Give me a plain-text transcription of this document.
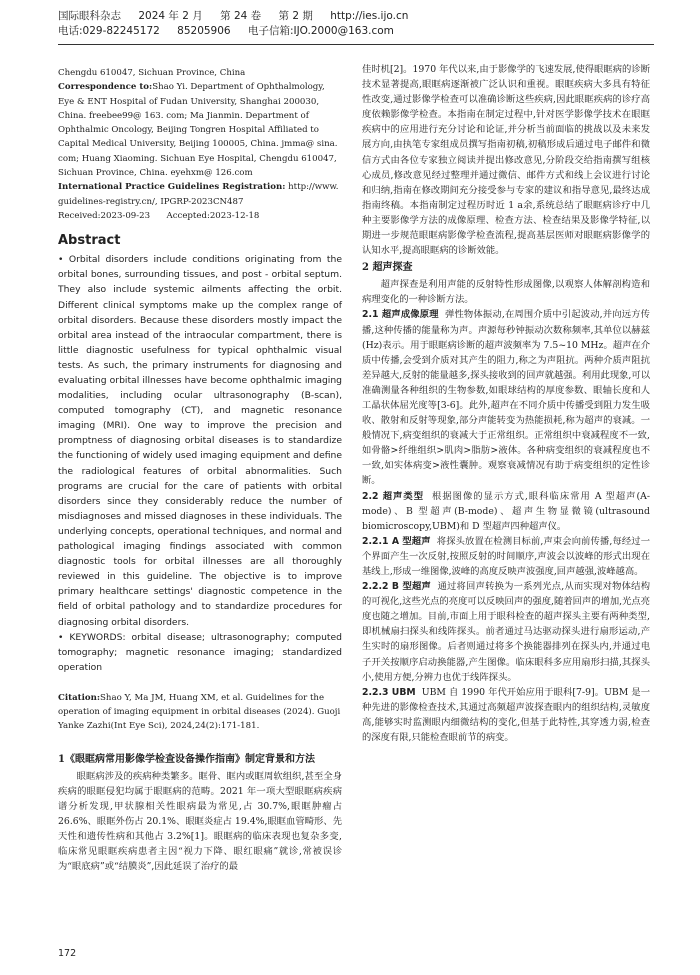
国际眼科杂志 2024 年 2 月 第 24 卷 第 2 期 http://ies.ijo.cn
电话:029-82245172 85205906 电子信箱:IJO.2000@163.com

Chengdu 610047, Sichuan Province, China

Correspondence to:Shao Yi. Department of Ophthalmology, Eye & ENT Hospital of Fudan University, Shanghai 200030, China. freebee99@ 163. com; Ma Jianmin. Department of Ophthalmic Oncology, Beijing Tongren Hospital Affiliated to Capital Medical University, Beijing 100005, China. jmma@ sina. com; Huang Xiaoming. Sichuan Eye Hospital, Chengdu 610047, Sichuan Province, China. eyehxm@ 126.com

International Practice Guidelines Registration: http://www. guidelines-registry.cn/, IPGRP-2023CN487

Received:2023-09-23 Accepted:2023-12-18

Abstract

• Orbital disorders include conditions originating from the orbital bones, surrounding tissues, and post - orbital septum. They also include systemic ailments affecting the orbit. Different clinical symptoms make up the complex range of orbital disorders. Because these disorders mostly impact the orbital area instead of the intraocular compartment, there is little diagnostic usefulness for typical ophthalmic visual tests. As such, the primary instruments for diagnosing and evaluating orbital illnesses have become ophthalmic imaging modalities, including ocular ultrasonography (B-scan), computed tomography (CT), and magnetic resonance imaging (MRI). One way to improve the precision and promptness of diagnosing orbital diseases is to standardize the functioning of widely used imaging equipment and define the radiological features of orbital abnormalities. Such programs are crucial for the care of patients with orbital disorders since they considerably reduce the number of misdiagnoses and missed diagnoses in these individuals. The underlying concepts, operational techniques, and normal and pathological imaging findings associated with common diagnostic tools for orbital illnesses are all thoroughly reviewed in this guideline. The objective is to improve primary healthcare settings' diagnostic competence in the field of orbital pathology and to standardize procedures for diagnosing orbital disorders.

• KEYWORDS: orbital disease; ultrasonography; computed tomography; magnetic resonance imaging; standardized operation

Citation:Shao Y, Ma JM, Huang XM, et al. Guidelines for the operation of imaging equipment in orbital diseases (2024). Guoji Yanke Zazhi(Int Eye Sci), 2024,24(2):171-181.

1《眼眶病常用影像学检查设备操作指南》制定背景和方法

眼眶病涉及的疾病种类繁多。眶骨、眶内或眶周软组织,甚至全身疾病的眼眶侵犯均属于眼眶病的范畴。2021 年一项大型眼眶病疾病谱分析发现,甲状腺相关性眼病最为常见,占 30.7%,眼眶肿瘤占 26.6%、眼眶外伤占 20.1%、眼眶炎症占 19.4%,眼眶血管畸形、先天性和遗传性病和其他占 3.2%[1]。眼眶病的临床表现也复杂多变,临床常见眼眶疾病患者主因“视力下降、眼红眼痛”就诊,常被误诊为“眼底病”或“结膜炎”,因此延误了治疗的最

佳时机[2]。1970 年代以来,由于影像学的飞速发展,使得眼眶病的诊断技术显著提高,眼眶病逐渐被广泛认识和重视。眼眶疾病大多具有特征性改变,通过影像学检查可以准确诊断这些疾病,因此眼眶疾病的诊疗高度依赖影像学检查。本指南在制定过程中,针对医学影像学技术在眼眶疾病中的应用进行充分讨论和论证,并分析当前面临的挑战以及未来发展方向,由执笔专家组成员撰写指南初稿,初稿形成后通过电子邮件和微信方式由各位专家独立阅读并提出修改意见,分阶段交给指南撰写组核心成员,修改意见经过整理并通过微信、邮件方式和线上会议进行讨论和归纳,指南在修改期间充分接受参与专家的建议和指导意见,最终达成指南终稿。本指南制定过程历时近 1 a余,系统总结了眼眶病诊疗中几种主要影像学方法的成像原理、检查方法、检查结果及影像学特征,以期进一步规范眼眶病影像学检查流程,提高基层医师对眼眶病影像学的认知水平,提高眼眶病的诊断效能。

2 超声探查

超声探查是利用声能的反射特性形成图像,以观察人体解剖构造和病理变化的一种诊断方法。

2.1 超声成像原理 弹性物体振动,在周围介质中引起波动,并向远方传播,这种传播的能量称为声。声源每秒钟振动次数称频率,其单位以赫兹(Hz)表示。用于眼眶病诊断的超声波频率为 7.5~10 MHz。超声在介质中传播,会受到介质对其产生的阻力,称之为声阻抗。两种介质声阻抗差异越大,反射的能量越多,探头接收到的回声就越强。利用此现象,可以准确测量各种组织的生物参数,如眼球结构的厚度参数、眼轴长度和人工晶状体屈光度等[3-6]。此外,超声在不同介质中传播受到阻力发生吸收、散射和反射等现象,部分声能转变为热能损耗,称为超声的衰减。一般情况下,病变组织的衰减大于正常组织。正常组织中衰减程度不一致,如骨骼>纤维组织>肌肉>脂肪>液体。各种病变组织的衰减程度也不一致,如实体病变>液性囊肿。观察衰减情况有助于病变组织的定性诊断。

2.2 超声类型 根据图像的显示方式,眼科临床常用 A 型超声(A-mode)、B 型超声(B-mode)、超声生物显微镜(ultrasound biomicroscopy,UBM)和 D 型超声四种超声仪。

2.2.1 A 型超声 将探头放置在检测目标前,声束会向前传播,每经过一个界面产生一次反射,按照反射的时间顺序,声波会以波峰的形式出现在基线上,形成一维图像,波峰的高度反映声波强度,回声越强,波峰越高。

2.2.2 B 型超声 通过将回声转换为一系列光点,从而实现对物体结构的可视化,这些光点的亮度可以反映回声的强度,随着回声的增加,光点亮度也随之增加。目前,市面上用于眼科检查的超声探头主要有两种类型,即机械扇扫探头和线阵探头。前者通过马达驱动探头进行扇形运动,产生实时的扇形图像。后者则通过将多个换能器排列在探头内,并通过电子开关按顺序启动换能器,产生图像。临床眼科多应用扇形扫描,其探头小,使用方便,分辨力也优于线阵探头。

2.2.3 UBM UBM 自 1990 年代开始应用于眼科[7-9]。UBM 是一种先进的影像检查技术,其通过高频超声波探查眼内的组织结构,灵敏度高,能够实时监测眼内细微结构的变化,但基于此特性,其穿透力弱,检查的深度有限,只能检查眼前节的病变。

172
